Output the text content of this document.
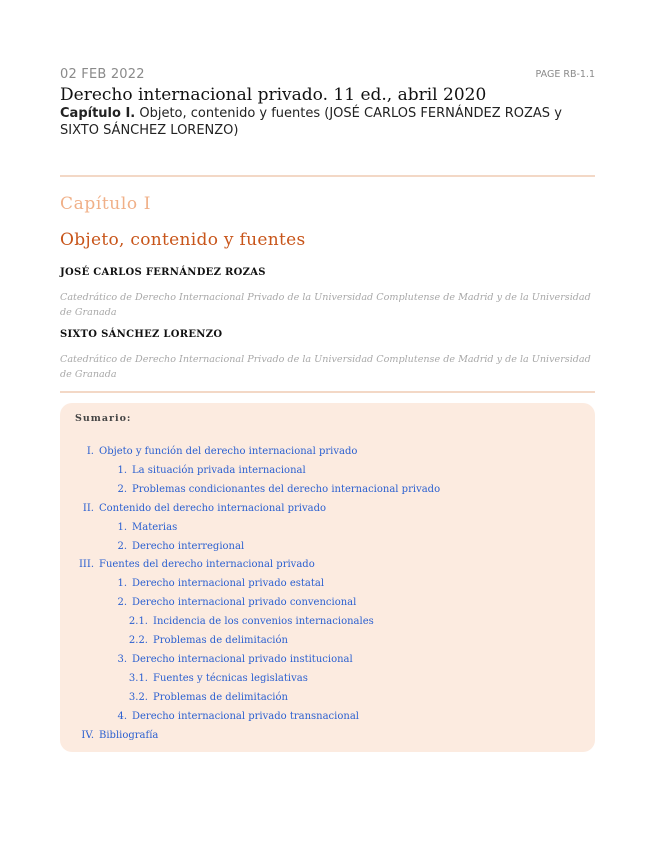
02 FEB 2022	PAGE RB-1.1
Derecho internacional privado. 11 ed., abril 2020
Capítulo I. Objeto, contenido y fuentes (JOSÉ CARLOS FERNÁNDEZ ROZAS y SIXTO SÁNCHEZ LORENZO)
Capítulo I
Objeto, contenido y fuentes
JOSÉ CARLOS FERNÁNDEZ ROZAS
Catedrático de Derecho Internacional Privado de la Universidad Complutense de Madrid y de la Universidad de Granada
SIXTO SÁNCHEZ LORENZO
Catedrático de Derecho Internacional Privado de la Universidad Complutense de Madrid y de la Universidad de Granada
Sumario:
I. Objeto y función del derecho internacional privado
1. La situación privada internacional
2. Problemas condicionantes del derecho internacional privado
II. Contenido del derecho internacional privado
1. Materias
2. Derecho interregional
III. Fuentes del derecho internacional privado
1. Derecho internacional privado estatal
2. Derecho internacional privado convencional
2.1. Incidencia de los convenios internacionales
2.2. Problemas de delimitación
3. Derecho internacional privado institucional
3.1. Fuentes y técnicas legislativas
3.2. Problemas de delimitación
4. Derecho internacional privado transnacional
IV. Bibliografía
